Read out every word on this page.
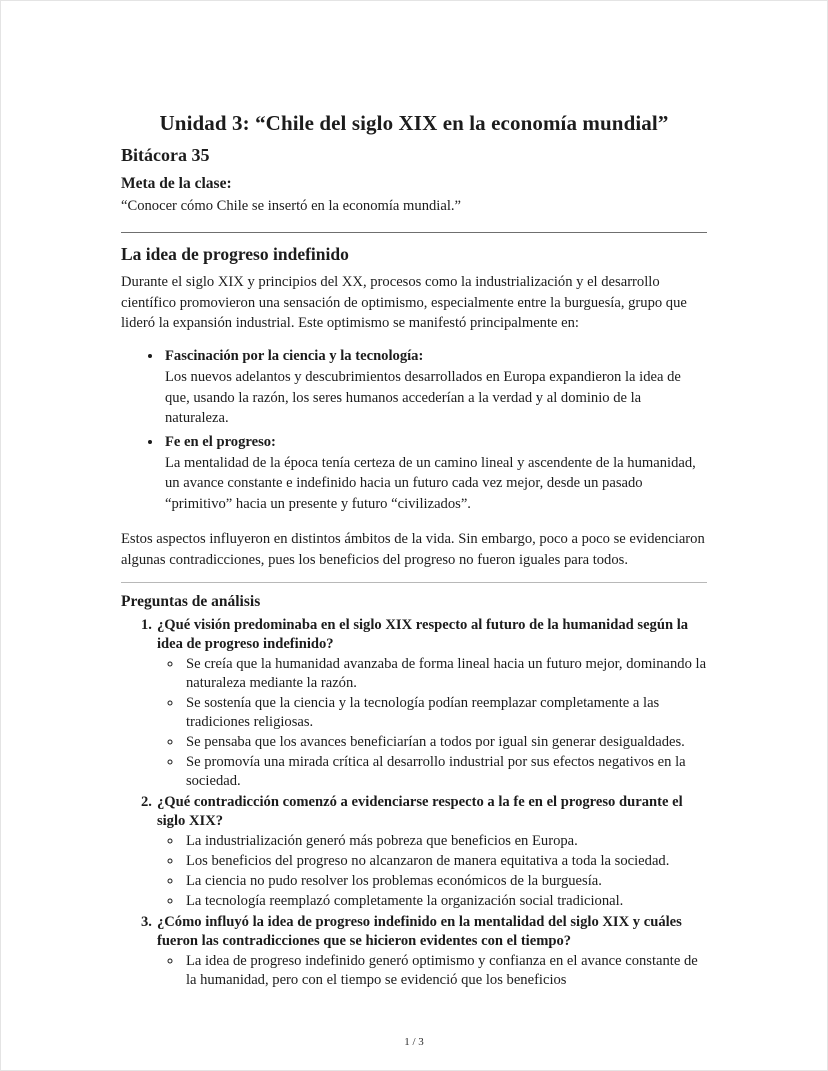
Unidad 3: “Chile del siglo XIX en la economía mundial”
Bitácora 35
Meta de la clase:
“Conocer cómo Chile se insertó en la economía mundial.”
La idea de progreso indefinido

Durante el siglo XIX y principios del XX, procesos como la industrialización y el desarrollo científico promovieron una sensación de optimismo, especialmente entre la burguesía, grupo que lideró la expansión industrial. Este optimismo se manifestó principalmente en:

• Fascinación por la ciencia y la tecnología:
Los nuevos adelantos y descubrimientos desarrollados en Europa expandieron la idea de que, usando la razón, los seres humanos accederían a la verdad y al dominio de la naturaleza.
• Fe en el progreso:
La mentalidad de la época tenía certeza de un camino lineal y ascendente de la humanidad, un avance constante e indefinido hacia un futuro cada vez mejor, desde un pasado “primitivo” hacia un presente y futuro “civilizados”.

Estos aspectos influyeron en distintos ámbitos de la vida. Sin embargo, poco a poco se evidenciaron algunas contradicciones, pues los beneficios del progreso no fueron iguales para todos.

Preguntas de análisis
1. ¿Qué visión predominaba en el siglo XIX respecto al futuro de la humanidad según la idea de progreso indefinido?
◦ Se creía que la humanidad avanzaba de forma lineal hacia un futuro mejor, dominando la naturaleza mediante la razón.
◦ Se sostenía que la ciencia y la tecnología podían reemplazar completamente a las tradiciones religiosas.
◦ Se pensaba que los avances beneficiarían a todos por igual sin generar desigualdades.
◦ Se promovía una mirada crítica al desarrollo industrial por sus efectos negativos en la sociedad.
2. ¿Qué contradicción comenzó a evidenciarse respecto a la fe en el progreso durante el siglo XIX?
◦ La industrialización generó más pobreza que beneficios en Europa.
◦ Los beneficios del progreso no alcanzaron de manera equitativa a toda la sociedad.
◦ La ciencia no pudo resolver los problemas económicos de la burguesía.
◦ La tecnología reemplazó completamente la organización social tradicional.
3. ¿Cómo influyó la idea de progreso indefinido en la mentalidad del siglo XIX y cuáles fueron las contradicciones que se hicieron evidentes con el tiempo?
◦ La idea de progreso indefinido generó optimismo y confianza en el avance constante de la humanidad, pero con el tiempo se evidenció que los beneficios
1 / 3
